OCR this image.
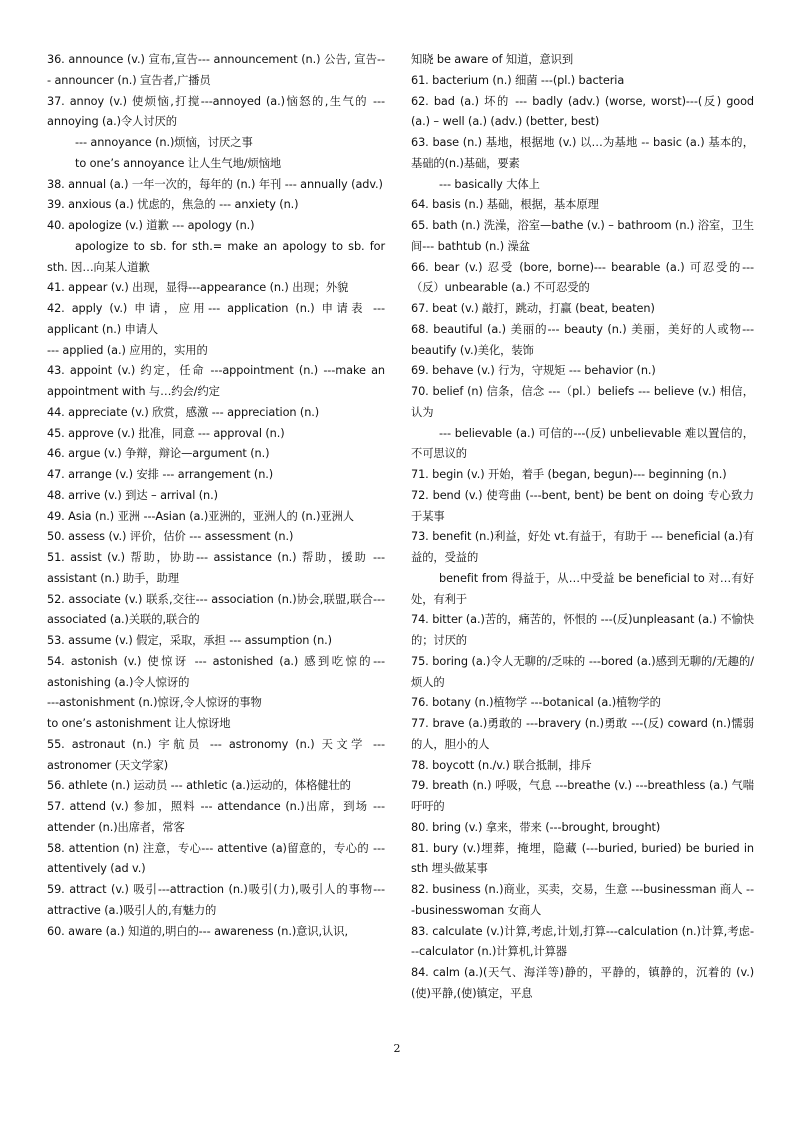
36. announce (v.) 宣布,宣告--- announcement (n.) 公告, 宣告--- announcer (n.) 宣告者,广播员

37. annoy (v.) 使烦恼,打搅---annoyed (a.)恼怒的,生气的 ---annoying (a.)令人讨厌的

--- annoyance (n.)烦恼，讨厌之事

to one’s annoyance 让人生气地/烦恼地

38. annual (a.) 一年一次的，每年的 (n.) 年刊 --- annually (adv.)

39. anxious (a.) 忧虑的，焦急的 --- anxiety (n.)

40. apologize (v.) 道歉 --- apology (n.)

apologize to sb. for sth.= make an apology to sb. for sth. 因…向某人道歉

41. appear (v.) 出现，显得---appearance (n.) 出现；外貌

42. apply (v.) 申请，应用--- application (n.) 申请表 --- applicant (n.) 申请人

--- applied (a.) 应用的，实用的

43. appoint (v.) 约定，任命 ---appointment (n.) ---make an appointment with 与…约会/约定

44. appreciate (v.) 欣赏，感激 --- appreciation (n.)

45. approve (v.) 批准，同意 --- approval (n.)

46. argue (v.) 争辩，辩论—argument (n.)

47. arrange (v.) 安排 --- arrangement (n.)

48. arrive (v.) 到达 – arrival (n.)

49. Asia (n.) 亚洲 ---Asian (a.)亚洲的，亚洲人的 (n.)亚洲人

50. assess (v.) 评价，估价 --- assessment (n.)

51. assist (v.) 帮助，协助--- assistance (n.) 帮助，援助 ---assistant (n.) 助手，助理

52. associate (v.) 联系,交往--- association (n.)协会,联盟,联合--- associated (a.)关联的,联合的

53. assume (v.) 假定，采取，承担 --- assumption (n.)

54. astonish (v.) 使惊讶 --- astonished (a.) 感到吃惊的---astonishing (a.)令人惊讶的

---astonishment (n.)惊讶,令人惊讶的事物

to one’s astonishment 让人惊讶地

55. astronaut (n.) 宇航员 --- astronomy (n.) 天文学 --- astronomer (天文学家)

56. athlete (n.) 运动员 --- athletic (a.)运动的，体格健壮的

57. attend (v.) 参加，照料 --- attendance (n.)出席，到场 ---attender (n.)出席者，常客

58. attention (n) 注意，专心--- attentive (a)留意的，专心的 ---attentively (ad v.)

59. attract (v.) 吸引---attraction (n.)吸引(力),吸引人的事物---attractive (a.)吸引人的,有魅力的

60. aware (a.) 知道的,明白的--- awareness (n.)意识,认识,

知晓 be aware of 知道，意识到

61. bacterium (n.) 细菌 ---(pl.) bacteria

62. bad (a.) 坏的 --- badly (adv.) (worse, worst)---(反) good (a.) – well (a.) (adv.) (better, best)

63. base (n.) 基地，根据地 (v.) 以…为基地 -- basic (a.) 基本的，基础的(n.)基础，要素

--- basically 大体上

64. basis (n.) 基础，根据，基本原理

65. bath (n.) 洗澡，浴室—bathe (v.) – bathroom (n.) 浴室，卫生间--- bathtub (n.) 澡盆

66. bear (v.) 忍受 (bore, borne)--- bearable (a.) 可忍受的---（反）unbearable (a.) 不可忍受的

67. beat (v.) 敲打，跳动，打赢 (beat, beaten)

68. beautiful (a.) 美丽的--- beauty (n.) 美丽，美好的人或物--- beautify (v.)美化，装饰

69. behave (v.) 行为，守规矩 --- behavior (n.)

70. belief (n) 信条，信念 ---（pl.）beliefs --- believe (v.) 相信，认为

--- believable (a.) 可信的---(反) unbelievable 难以置信的，不可思议的

71. begin (v.) 开始，着手 (began, begun)--- beginning (n.)

72. bend (v.) 使弯曲 (---bent, bent) be bent on doing 专心致力于某事

73. benefit (n.)利益，好处 vt.有益于，有助于 --- beneficial (a.)有益的，受益的

benefit from 得益于，从…中受益 be beneficial to 对…有好处，有利于

74. bitter (a.)苦的，痛苦的，怀恨的 ---(反)unpleasant (a.) 不愉快的；讨厌的

75. boring (a.)令人无聊的/乏味的 ---bored (a.)感到无聊的/无趣的/烦人的

76. botany (n.)植物学 ---botanical (a.)植物学的

77. brave (a.)勇敢的 ---bravery (n.)勇敢 ---(反) coward (n.)懦弱的人，胆小的人

78. boycott (n./v.) 联合抵制，排斥

79. breath (n.) 呼吸，气息 ---breathe (v.) ---breathless (a.) 气喘吁吁的

80. bring (v.) 拿来，带来 (---brought, brought)

81. bury (v.)埋葬，掩埋，隐藏 (---buried, buried) be buried in sth 埋头做某事

82. business (n.)商业，买卖，交易，生意 ---businessman 商人 ---businesswoman 女商人

83. calculate (v.)计算,考虑,计划,打算---calculation (n.)计算,考虑---calculator (n.)计算机,计算器

84. calm (a.)(天气、海洋等)静的，平静的，镇静的，沉着的 (v.)(使)平静,(使)镇定，平息

2
